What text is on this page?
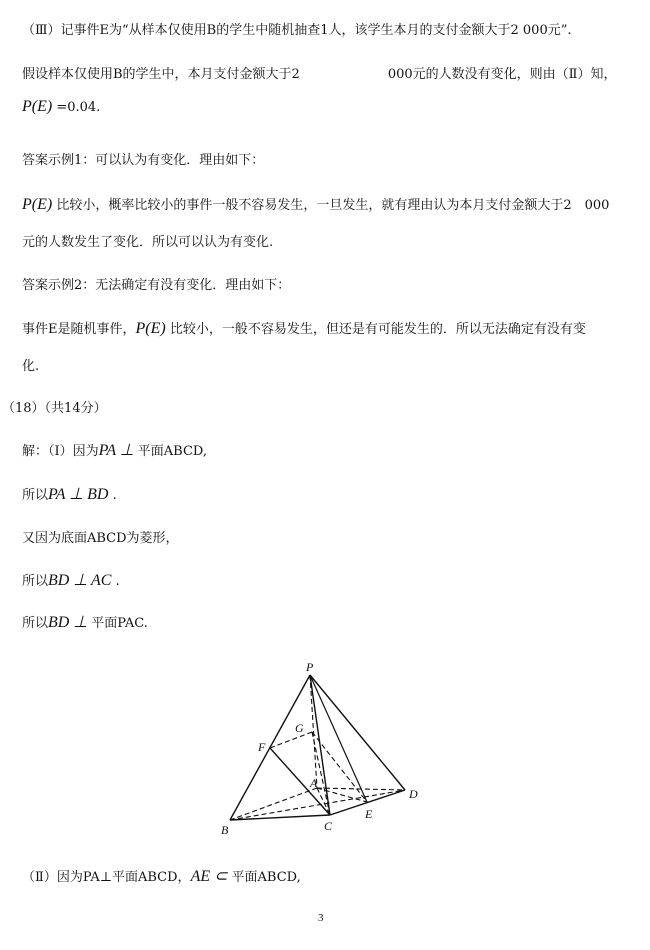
（Ⅲ）记事件E为“从样本仅使用B的学生中随机抽查1人，该学生本月的支付金额大于2 000元”.
假设样本仅使用B的学生中，本月支付金额大于2	000元的人数没有变化，则由（Ⅱ）知，
P(E) =0.04.
答案示例1：可以认为有变化．理由如下：
P(E) 比较小，概率比较小的事件一般不容易发生，一旦发生，就有理由认为本月支付金额大于2　000
元的人数发生了变化．所以可以认为有变化.
答案示例2：无法确定有没有变化．理由如下：
事件E是随机事件，P(E) 比较小，一般不容易发生，但还是有可能发生的．所以无法确定有没有变
化.
（18）（共14分）
解：（Ⅰ）因为PA ⊥ 平面ABCD,
所以PA ⊥ BD .
又因为底面ABCD为菱形，
所以BD ⊥ AC .
所以BD ⊥ 平面PAC.
P
F
G
A
B	C
D
E
（Ⅱ）因为PA⊥平面ABCD，AE ⊂ 平面ABCD,
3
